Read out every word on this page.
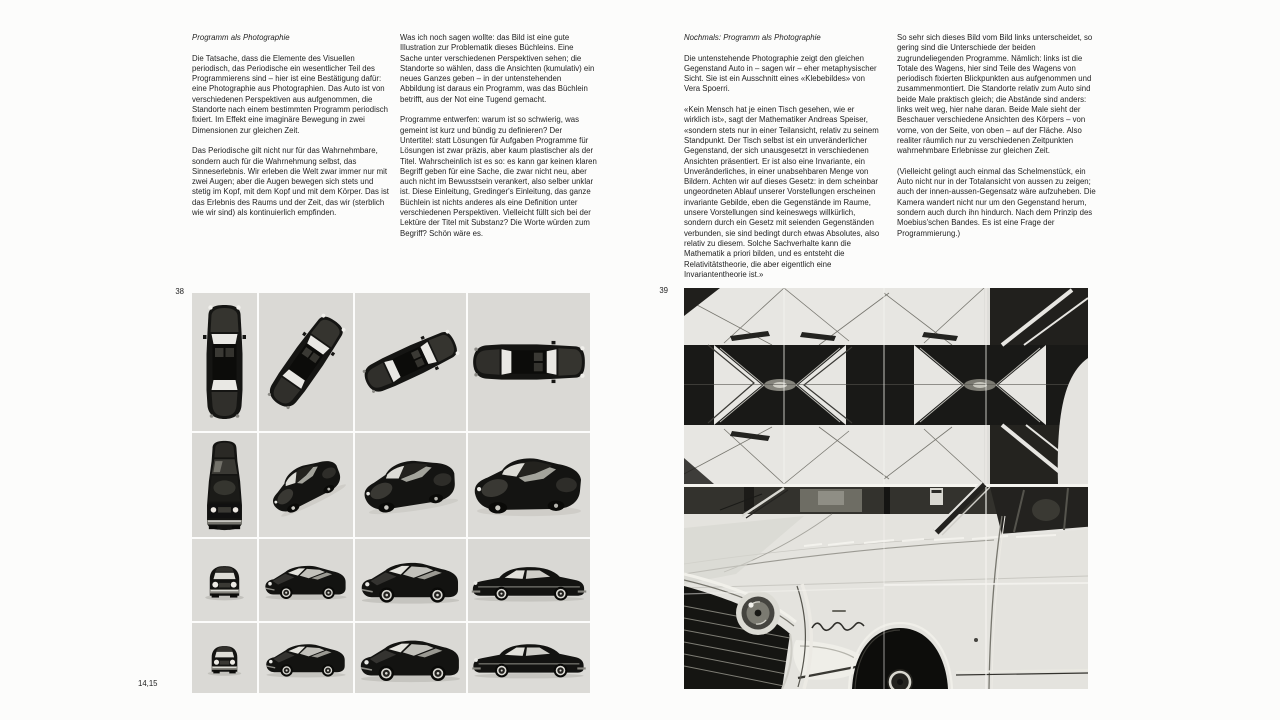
Programm als Photographie

Die Tatsache, dass die Elemente des Visuellen periodisch, das Periodische ein wesentlicher Teil des Programmierens sind – hier ist eine Bestätigung dafür: eine Photographie aus Photographien. Das Auto ist von verschiedenen Perspektiven aus aufgenommen, die Standorte nach einem bestimmten Programm periodisch fixiert. Im Effekt eine imaginäre Bewegung in zwei Dimensionen zur gleichen Zeit.

Das Periodische gilt nicht nur für das Wahrnehmbare, sondern auch für die Wahrnehmung selbst, das Sinneserlebnis. Wir erleben die Welt zwar immer nur mit zwei Augen; aber die Augen bewegen sich stets und stetig im Kopf, mit dem Kopf und mit dem Körper. Das ist das Erlebnis des Raums und der Zeit, das wir (sterblich wie wir sind) als kontinuierlich empfinden.

Was ich noch sagen wollte: das Bild ist eine gute Illustration zur Problematik dieses Büchleins. Eine Sache unter verschiedenen Perspektiven sehen; die Standorte so wählen, dass die Ansichten (kumulativ) ein neues Ganzes geben – in der untenstehenden Abbildung ist daraus ein Programm, was das Büchlein betrifft, aus der Not eine Tugend gemacht.

Programme entwerfen: warum ist so schwierig, was gemeint ist kurz und bündig zu definieren? Der Untertitel: statt Lösungen für Aufgaben Programme für Lösungen ist zwar präzis, aber kaum plastischer als der Titel. Wahrscheinlich ist es so: es kann gar keinen klaren Begriff geben für eine Sache, die zwar nicht neu, aber auch nicht im Bewusstsein verankert, also selber unklar ist. Diese Einleitung, Gredinger's Einleitung, das ganze Büchlein ist nichts anderes als eine Definition unter verschiedenen Perspektiven. Vielleicht füllt sich bei der Lektüre der Titel mit Substanz? Die Worte würden zum Begriff? Schön wäre es.

Nochmals: Programm als Photographie

Die untenstehende Photographie zeigt den gleichen Gegenstand Auto in – sagen wir – eher metaphysischer Sicht. Sie ist ein Ausschnitt eines «Klebebildes» von Vera Spoerri.

«Kein Mensch hat je einen Tisch gesehen, wie er wirklich ist», sagt der Mathematiker Andreas Speiser, «sondern stets nur in einer Teilansicht, relativ zu seinem Standpunkt. Der Tisch selbst ist ein unveränderlicher Gegenstand, der sich unausgesetzt in verschiedenen Ansichten präsentiert. Er ist also eine Invariante, ein Unveränderliches, in einer unabsehbaren Menge von Bildern. Achten wir auf dieses Gesetz: in dem scheinbar ungeordneten Ablauf unserer Vorstellungen erscheinen invariante Gebilde, eben die Gegenstände im Raume, unsere Vorstellungen sind keineswegs willkürlich, sondern durch ein Gesetz mit seienden Gegenständen verbunden, sie sind bedingt durch etwas Absolutes, also relativ zu diesem. Solche Sachverhalte kann die Mathematik a priori bilden, und es entsteht die Relativitätstheorie, die aber eigentlich eine Invariantentheorie ist.»

So sehr sich dieses Bild vom Bild links unterscheidet, so gering sind die Unterschiede der beiden zugrundeliegenden Programme. Nämlich: links ist die Totale des Wagens, hier sind Teile des Wagens von periodisch fixierten Blickpunkten aus aufgenommen und zusammenmontiert. Die Standorte relativ zum Auto sind beide Male praktisch gleich; die Abstände sind anders: links weit weg, hier nahe daran. Beide Male sieht der Beschauer verschiedene Ansichten des Körpers – von vorne, von der Seite, von oben – auf der Fläche. Also realiter räumlich nur zu verschiedenen Zeitpunkten wahrnehmbare Erlebnisse zur gleichen Zeit.

(Vielleicht gelingt auch einmal das Schelmenstück, ein Auto nicht nur in der Totalansicht von aussen zu zeigen; auch der innen-aussen-Gegensatz wäre aufzuheben. Die Kamera wandert nicht nur um den Gegenstand herum, sondern auch durch ihn hindurch. Nach dem Prinzip des Moebius'schen Bandes. Es ist eine Frage der Programmierung.)

38	39
14,15
